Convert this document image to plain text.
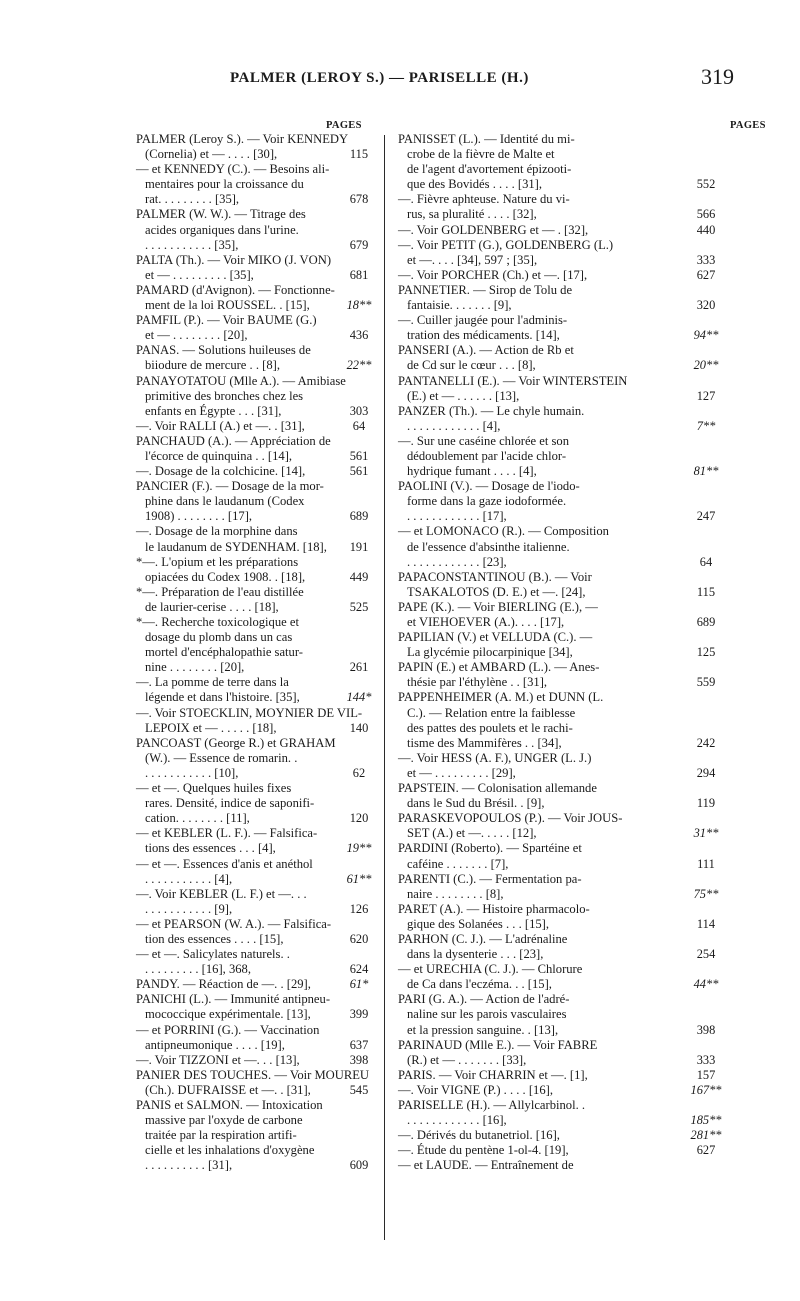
PALMER (LEROY S.) — PARISELLE (H.)	319
PAGES	PAGES
PALMER (Leroy S.). — Voir KENNEDY
(Cornelia) et — . . . . [30],	115
— et KENNEDY (C.). — Besoins ali-
mentaires pour la croissance du
rat. . . . . . . . . [35],	678
PALMER (W. W.). — Titrage des
acides organiques dans l'urine.
. . . . . . . . . . . [35],	679
PALTA (Th.). — Voir MIKO (J. VON)
et — . . . . . . . . . [35],	681
PAMARD (d'Avignon). — Fonctionne-
ment de la loi ROUSSEL. . [15],	18**
PAMFIL (P.). — Voir BAUME (G.)
et — . . . . . . . . [20],	436
PANAS. — Solutions huileuses de
biiodure de mercure . . [8],	22**
PANAYOTATOU (Mlle A.). — Amibiase
primitive des bronches chez les
enfants en Égypte . . . [31],	303
—. Voir RALLI (A.) et —. . [31],	64
PANCHAUD (A.). — Appréciation de
l'écorce de quinquina . . [14],	561
—. Dosage de la colchicine. [14],	561
PANCIER (F.). — Dosage de la mor-
phine dans le laudanum (Codex
1908) . . . . . . . . [17],	689
—. Dosage de la morphine dans
le laudanum de SYDENHAM. [18],	191
*—. L'opium et les préparations
opiacées du Codex 1908. . [18],	449
*—. Préparation de l'eau distillée
de laurier-cerise . . . . [18],	525
*—. Recherche toxicologique et
dosage du plomb dans un cas
mortel d'encéphalopathie satur-
nine . . . . . . . . [20],	261
—. La pomme de terre dans la
légende et dans l'histoire. [35],	144*
—. Voir STOECKLIN, MOYNIER DE VIL-
LEPOIX et — . . . . . [18],	140
PANCOAST (George R.) et GRAHAM
(W.). — Essence de romarin. .
. . . . . . . . . . . [10],	62
— et —. Quelques huiles fixes
rares. Densité, indice de saponifi-
cation. . . . . . . . [11],	120
— et KEBLER (L. F.). — Falsifica-
tions des essences . . . [4],	19**
— et —. Essences d'anis et anéthol
. . . . . . . . . . . [4],	61**
—. Voir KEBLER (L. F.) et —. . .
. . . . . . . . . . . [9],	126
— et PEARSON (W. A.). — Falsifica-
tion des essences . . . . [15],	620
— et —. Salicylates naturels. .
. . . . . . . . . [16], 368,	624
PANDY. — Réaction de —. . [29],	61*
PANICHI (L.). — Immunité antipneu-
mococcique expérimentale. [13],	399
— et PORRINI (G.). — Vaccination
antipneumonique . . . . [19],	637
—. Voir TIZZONI et —. . . [13],	398
PANIER DES TOUCHES. — Voir MOUREU
(Ch.). DUFRAISSE et —. . [31],	545
PANIS et SALMON. — Intoxication
massive par l'oxyde de carbone
traitée par la respiration artifi-
cielle et les inhalations d'oxygène
. . . . . . . . . . [31],	609
PANISSET (L.). — Identité du mi-
crobe de la fièvre de Malte et
de l'agent d'avortement épizooti-
que des Bovidés . . . . [31],	552
—. Fièvre aphteuse. Nature du vi-
rus, sa pluralité . . . . [32],	566
—. Voir GOLDENBERG et — . [32],	440
—. Voir PETIT (G.), GOLDENBERG (L.)
et —. . . . [34], 597 ; [35],	333
—. Voir PORCHER (Ch.) et —. [17],	627
PANNETIER. — Sirop de Tolu de
fantaisie. . . . . . . [9],	320
—. Cuiller jaugée pour l'adminis-
tration des médicaments. [14],	94**
PANSERI (A.). — Action de Rb et
de Cd sur le cœur . . . [8],	20**
PANTANELLI (E.). — Voir WINTERSTEIN
(E.) et — . . . . . . [13],	127
PANZER (Th.). — Le chyle humain.
. . . . . . . . . . . . [4],	7**
—. Sur une caséine chlorée et son
dédoublement par l'acide chlor-
hydrique fumant . . . . [4],	81**
PAOLINI (V.). — Dosage de l'iodo-
forme dans la gaze iodoformée.
. . . . . . . . . . . . [17],	247
— et LOMONACO (R.). — Composition
de l'essence d'absinthe italienne.
. . . . . . . . . . . . [23],	64
PAPACONSTANTINOU (B.). — Voir
TSAKALOTOS (D. E.) et —. [24],	115
PAPE (K.). — Voir BIERLING (E.), —
et VIEHOEVER (A.). . . . [17],	689
PAPILIAN (V.) et VELLUDA (C.). —
La glycémie pilocarpinique [34],	125
PAPIN (E.) et AMBARD (L.). — Anes-
thésie par l'éthylène . . [31],	559
PAPPENHEIMER (A. M.) et DUNN (L.
C.). — Relation entre la faiblesse
des pattes des poulets et le rachi-
tisme des Mammifères . . [34],	242
—. Voir HESS (A. F.), UNGER (L. J.)
et — . . . . . . . . . [29],	294
PAPSTEIN. — Colonisation allemande
dans le Sud du Brésil. . [9],	119
PARASKEVOPOULOS (P.). — Voir JOUS-
SET (A.) et —. . . . . [12],	31**
PARDINI (Roberto). — Spartéine et
caféine . . . . . . . [7],	111
PARENTI (C.). — Fermentation pa-
naire . . . . . . . . [8],	75**
PARET (A.). — Histoire pharmacolo-
gique des Solanées . . . [15],	114
PARHON (C. J.). — L'adrénaline
dans la dysenterie . . . [23],	254
— et URECHIA (C. J.). — Chlorure
de Ca dans l'eczéma. . . [15],	44**
PARI (G. A.). — Action de l'adré-
naline sur les parois vasculaires
et la pression sanguine. . [13],	398
PARINAUD (Mlle E.). — Voir FABRE
(R.) et — . . . . . . . [33],	333
PARIS. — Voir CHARRIN et —. [1],	157
—. Voir VIGNE (P.) . . . . [16],	167**
PARISELLE (H.). — Allylcarbinol. .
. . . . . . . . . . . . [16],	185**
—. Dérivés du butanetriol. [16],	281**
—. Étude du pentène 1-ol-4. [19],	627
— et LAUDE. — Entraînement de
